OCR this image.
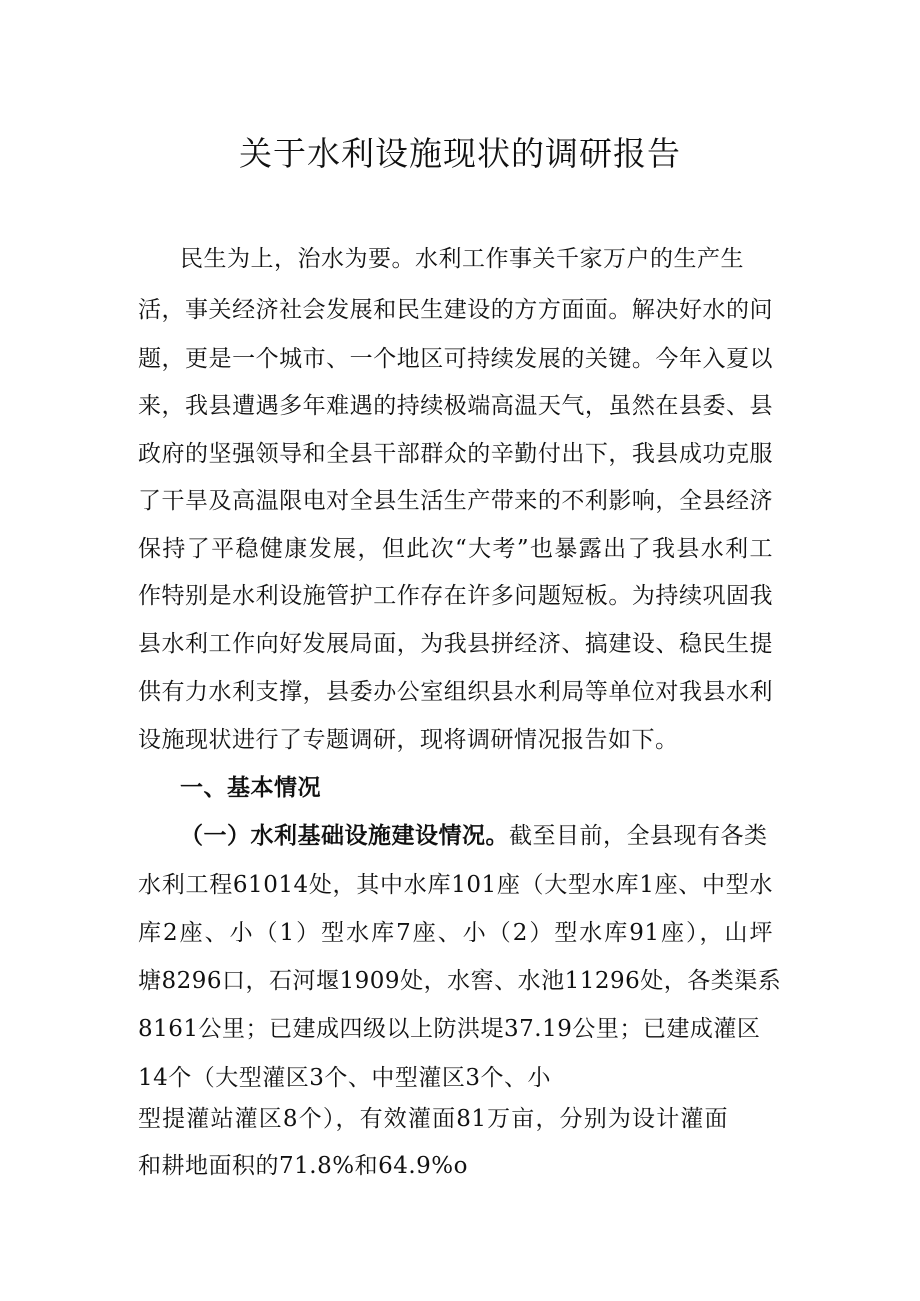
关于水利设施现状的调研报告
民生为上，治水为要。水利工作事关千家万户的生产生
活，事关经济社会发展和民生建设的方方面面。解决好水的问
题，更是一个城市、一个地区可持续发展的关键。今年入夏以
来，我县遭遇多年难遇的持续极端高温天气，虽然在县委、县
政府的坚强领导和全县干部群众的辛勤付出下，我县成功克服
了干旱及高温限电对全县生活生产带来的不利影响，全县经济
保持了平稳健康发展，但此次“大考”也暴露出了我县水利工
作特别是水利设施管护工作存在许多问题短板。为持续巩固我
县水利工作向好发展局面，为我县拼经济、搞建设、稳民生提
供有力水利支撑，县委办公室组织县水利局等单位对我县水利
设施现状进行了专题调研，现将调研情况报告如下。
一、基本情况
（一）水利基础设施建设情况。截至目前，全县现有各类
水利工程61014处，其中水库101座（大型水库1座、中型水
库2座、小（1）型水库7座、小（2）型水库91座），山坪
塘8296口，石河堰1909处，水窖、水池11296处，各类渠系
8161公里；已建成四级以上防洪堤37.19公里；已建成灌区
14个（大型灌区3个、中型灌区3个、小
型提灌站灌区8个），有效灌面81万亩，分别为设计灌面
和耕地面积的71.8%和64.9%o
